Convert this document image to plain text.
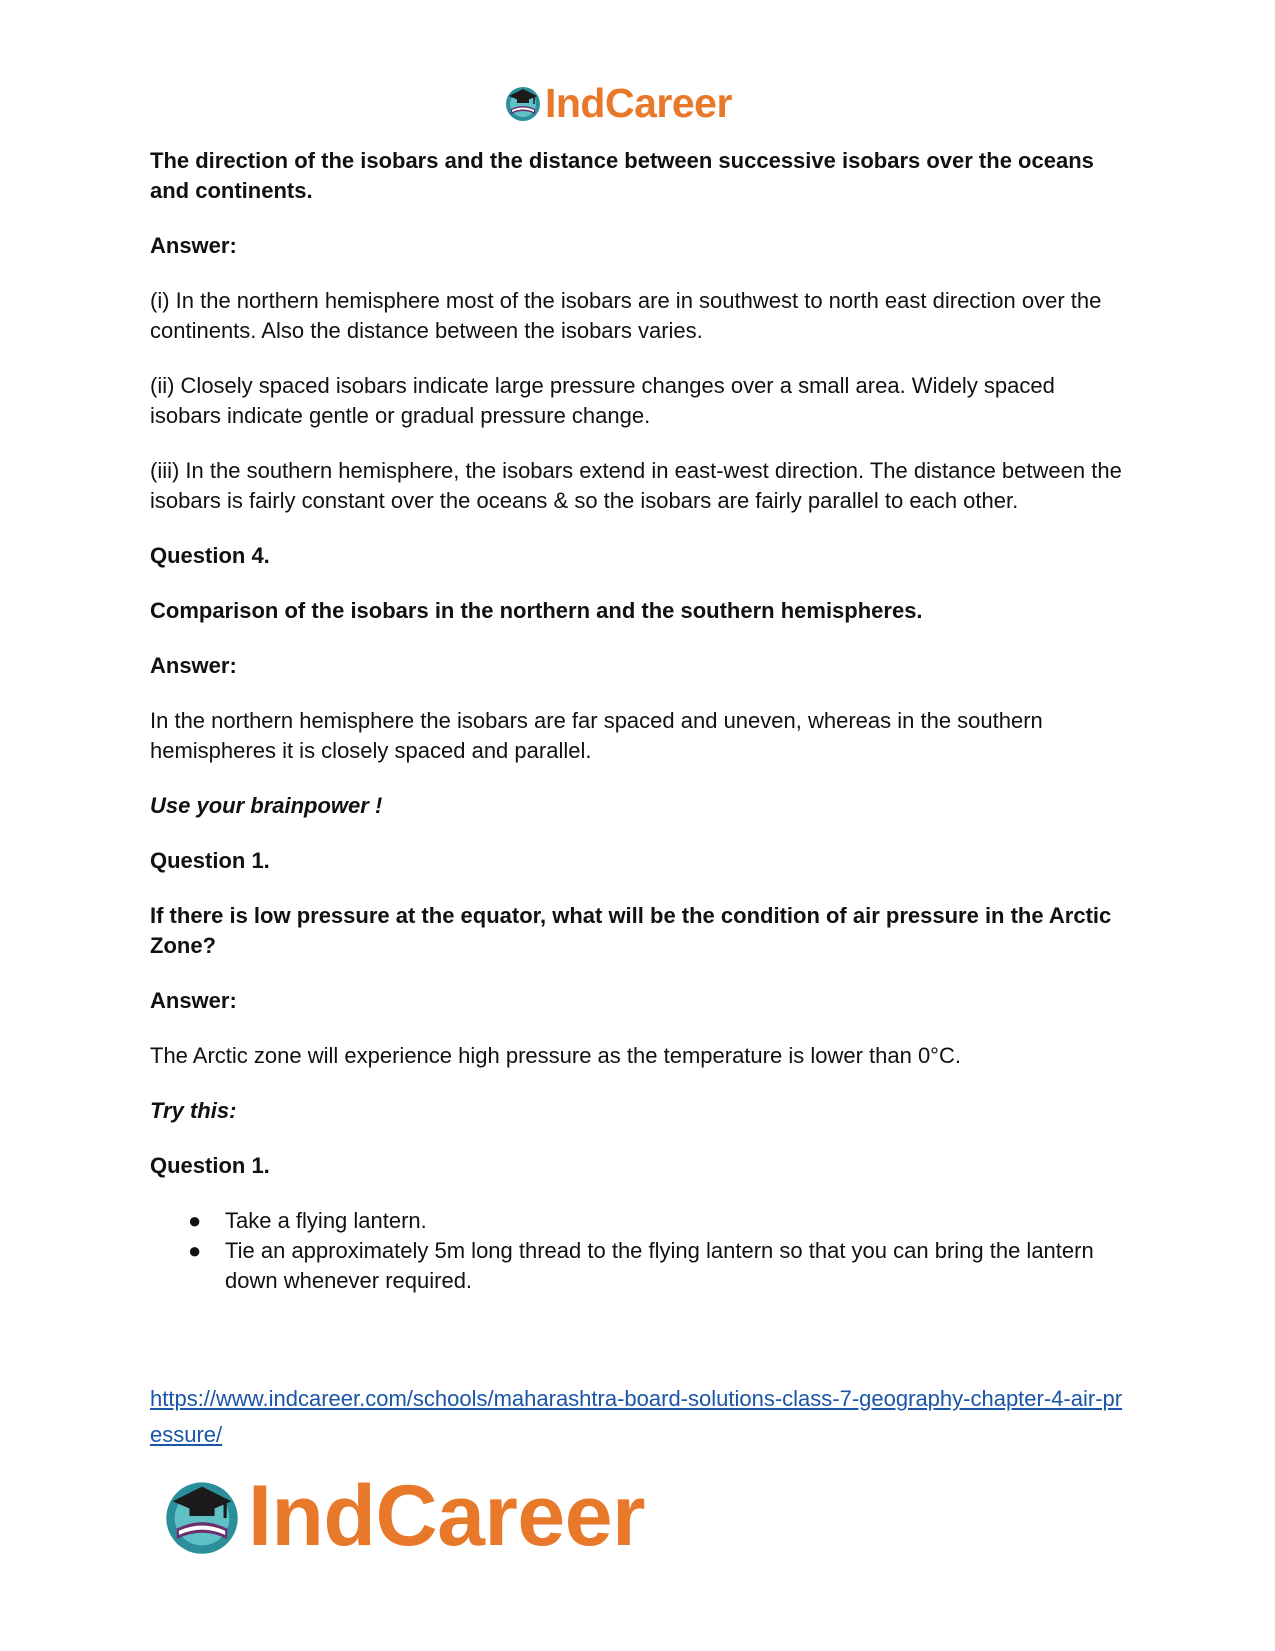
IndCareer
The direction of the isobars and the distance between successive isobars over the oceans and continents.
Answer:
(i) In the northern hemisphere most of the isobars are in southwest to north east direction over the continents. Also the distance between the isobars varies.
(ii) Closely spaced isobars indicate large pressure changes over a small area. Widely spaced isobars indicate gentle or gradual pressure change.
(iii) In the southern hemisphere, the isobars extend in east-west direction. The distance between the isobars is fairly constant over the oceans & so the isobars are fairly parallel to each other.
Question 4.
Comparison of the isobars in the northern and the southern hemispheres.
Answer:
In the northern hemisphere the isobars are far spaced and uneven, whereas in the southern hemispheres it is closely spaced and parallel.
Use your brainpower !
Question 1.
If there is low pressure at the equator, what will be the condition of air pressure in the Arctic Zone?
Answer:
The Arctic zone will experience high pressure as the temperature is lower than 0°C.
Try this:
Question 1.
● Take a flying lantern.
● Tie an approximately 5m long thread to the flying lantern so that you can bring the lantern down whenever required.
https://www.indcareer.com/schools/maharashtra-board-solutions-class-7-geography-chapter-4-air-pressure/
IndCareer
